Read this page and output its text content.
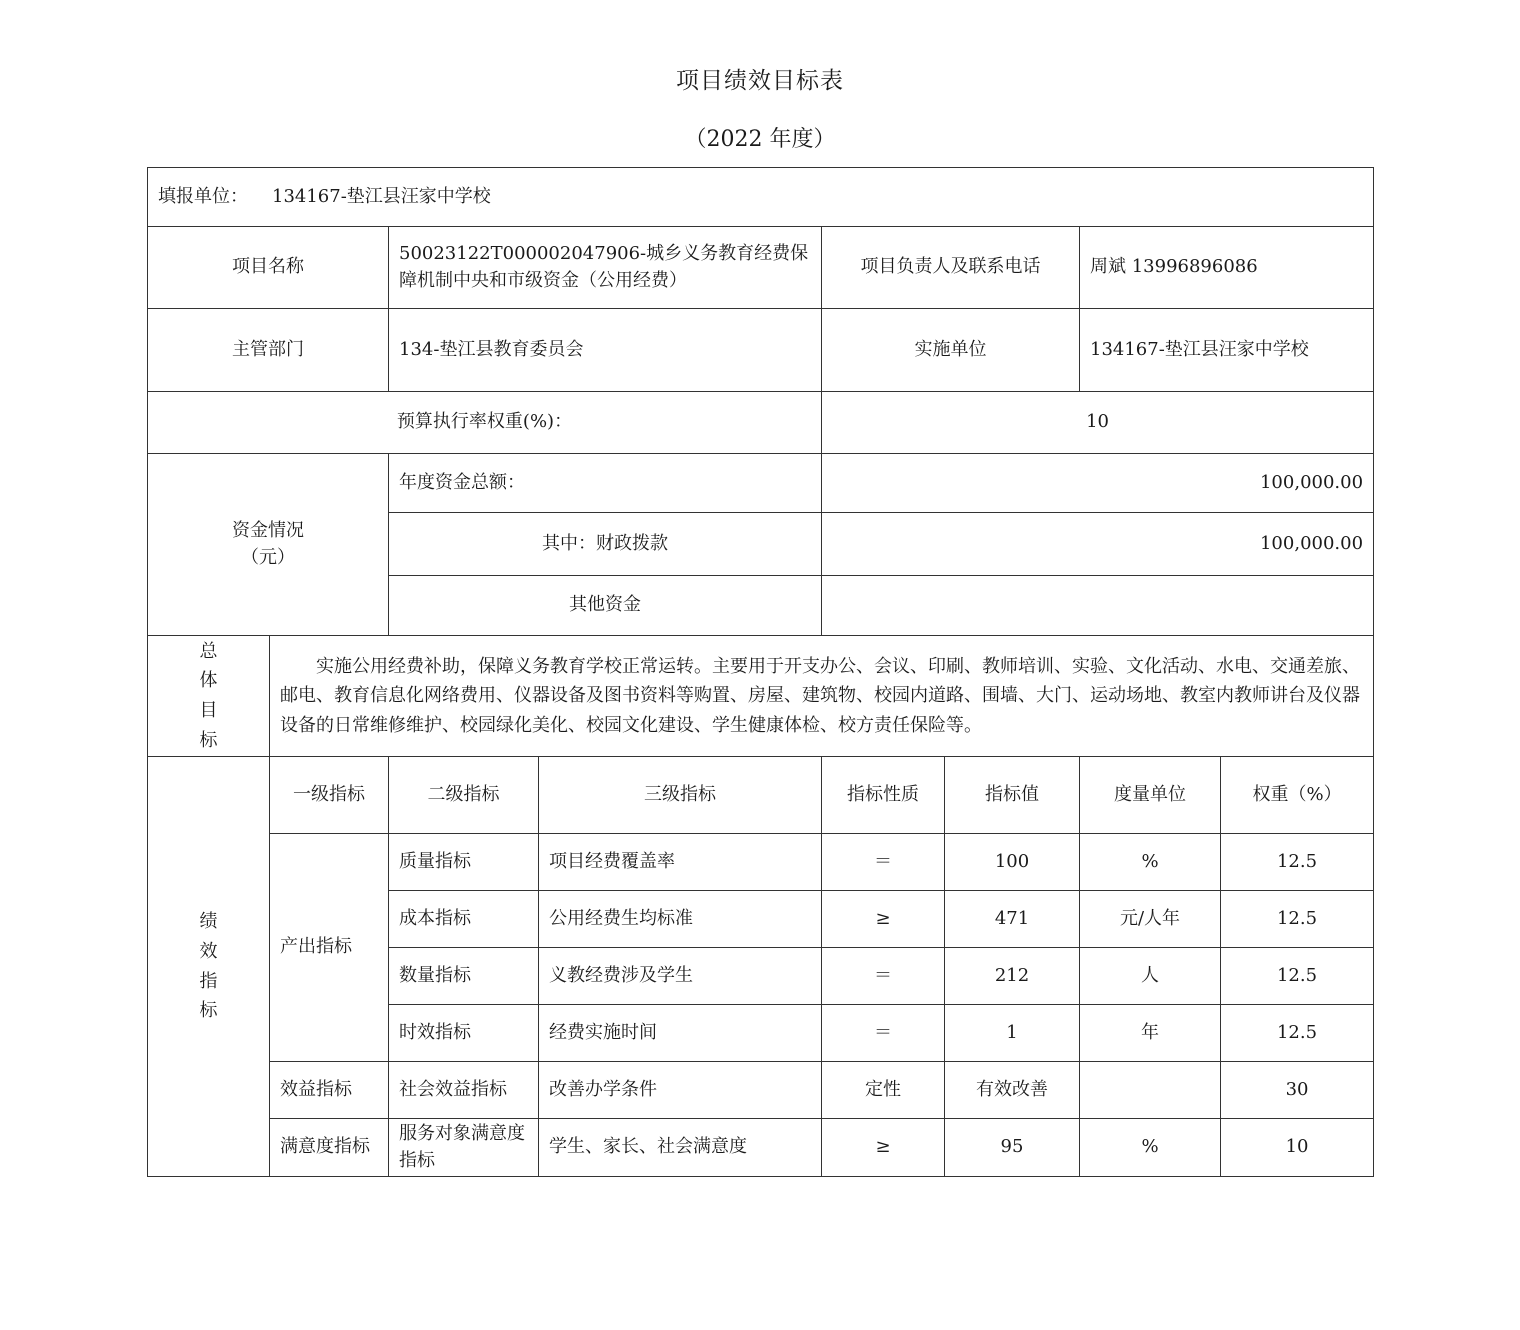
项目绩效目标表
（2022 年度）
填报单位： 134167-垫江县汪家中学校							
项目名称		50023122T000002047906-城乡义务教育经费保障机制中央和市级资金（公用经费）		项目负责人及联系电话		周斌 13996896086	
主管部门		134-垫江县教育委员会		实施单位		134167-垫江县汪家中学校	
预算执行率权重(%)：				10			

资金情况
（元）		年度资金总额：		100,000.00			
		其中：财政拨款		100,000.00			
		其他资金					

总
体
目
标	实施公用经费补助，保障义务教育学校正常运转。主要用于开支办公、会议、印刷、教师培训、实验、文化活动、水电、交通差旅、邮电、教育信息化网络费用、仪器设备及图书资料等购置、房屋、建筑物、校园内道路、围墙、大门、运动场地、教室内教师讲台及仪器设备的日常维修维护、校园绿化美化、校园文化建设、学生健康体检、校方责任保险等。						

绩
效
指
标	一级指标	二级指标	三级指标	指标性质	指标值	度量单位	权重（%）
	产出指标	质量指标	项目经费覆盖率	＝	100	%	12.5
		成本指标	公用经费生均标准	≥	471	元/人年	12.5
		数量指标	义教经费涉及学生	＝	212	人	12.5
		时效指标	经费实施时间	＝	1	年	12.5
	效益指标	社会效益指标	改善办学条件	定性	有效改善		30
	满意度指标	服务对象满意度指标	学生、家长、社会满意度	≥	95	%	10
